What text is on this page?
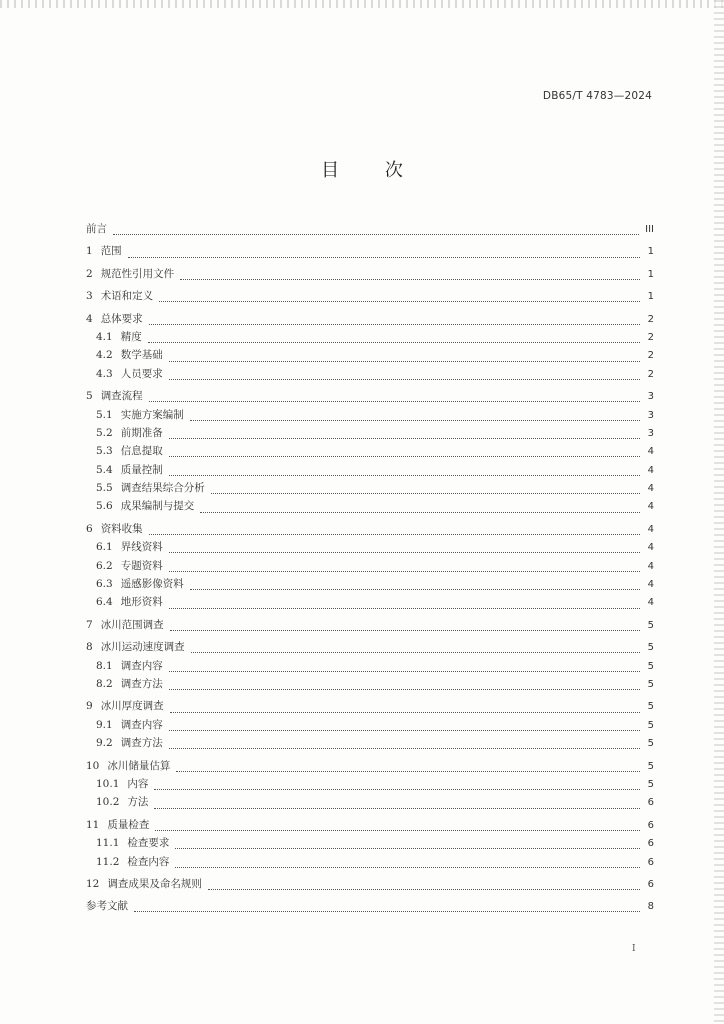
DB65/T 4783—2024
目 次
前言	III
1 范围	1
2 规范性引用文件	1
3 术语和定义	1
4 总体要求	2
4.1 精度	2
4.2 数学基础	2
4.3 人员要求	2
5 调查流程	3
5.1 实施方案编制	3
5.2 前期准备	3
5.3 信息提取	4
5.4 质量控制	4
5.5 调查结果综合分析	4
5.6 成果编制与提交	4
6 资料收集	4
6.1 界线资料	4
6.2 专题资料	4
6.3 遥感影像资料	4
6.4 地形资料	4
7 冰川范围调查	5
8 冰川运动速度调查	5
8.1 调查内容	5
8.2 调查方法	5
9 冰川厚度调查	5
9.1 调查内容	5
9.2 调查方法	5
10 冰川储量估算	5
10.1 内容	5
10.2 方法	6
11 质量检查	6
11.1 检查要求	6
11.2 检查内容	6
12 调查成果及命名规则	6
参考文献	8
I
